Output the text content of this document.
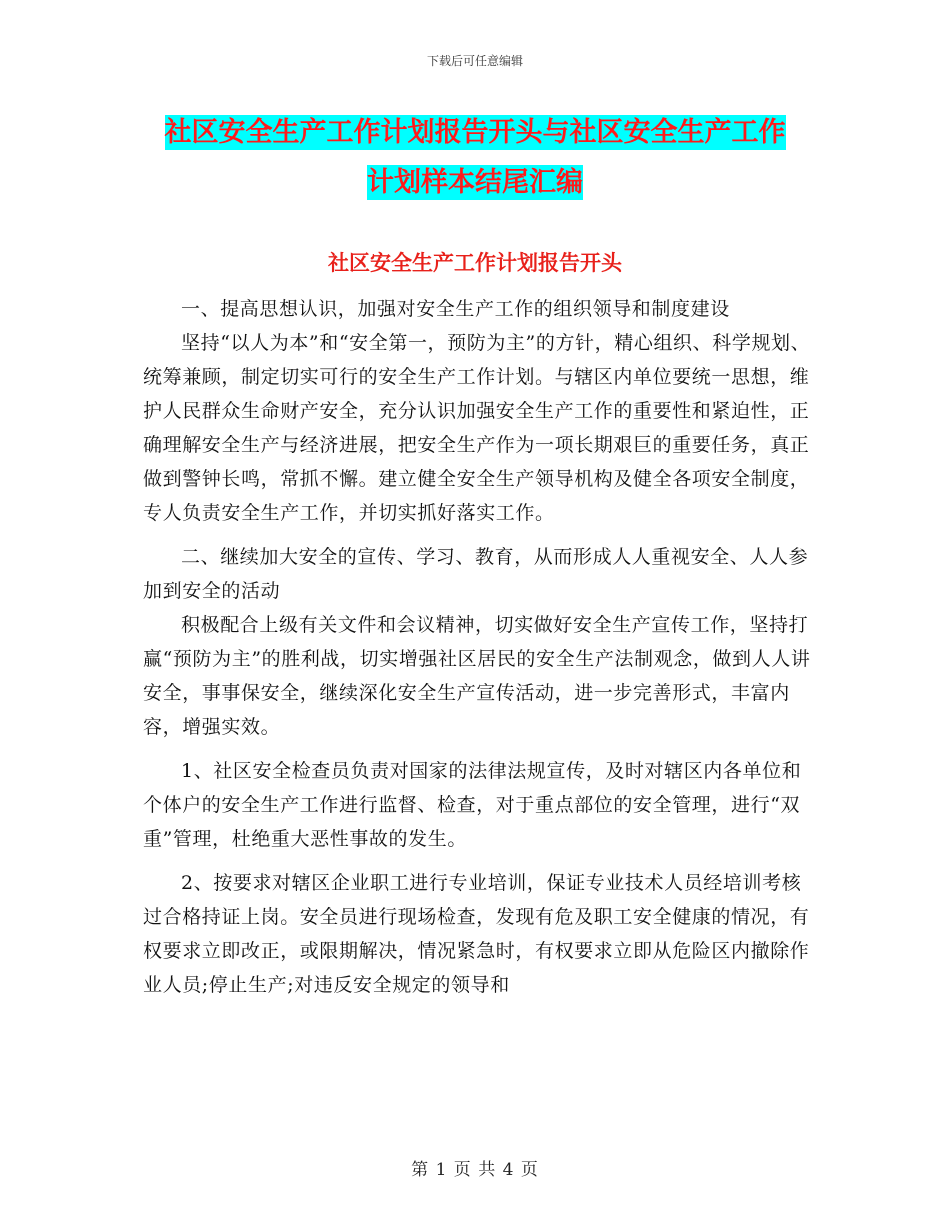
下载后可任意编辑
社区安全生产工作计划报告开头与社区安全生产工作
计划样本结尾汇编
社区安全生产工作计划报告开头

一、提高思想认识，加强对安全生产工作的组织领导和制度建设

坚持“以人为本”和“安全第一，预防为主”的方针，精心组织、科学规划、统筹兼顾，制定切实可行的安全生产工作计划。与辖区内单位要统一思想，维护人民群众生命财产安全，充分认识加强安全生产工作的重要性和紧迫性，正确理解安全生产与经济进展，把安全生产作为一项长期艰巨的重要任务，真正做到警钟长鸣，常抓不懈。建立健全安全生产领导机构及健全各项安全制度，专人负责安全生产工作，并切实抓好落实工作。

二、继续加大安全的宣传、学习、教育，从而形成人人重视安全、人人参加到安全的活动

积极配合上级有关文件和会议精神，切实做好安全生产宣传工作，坚持打赢“预防为主”的胜利战，切实增强社区居民的安全生产法制观念，做到人人讲安全，事事保安全，继续深化安全生产宣传活动，进一步完善形式，丰富内容，增强实效。

1、社区安全检查员负责对国家的法律法规宣传，及时对辖区内各单位和个体户的安全生产工作进行监督、检查，对于重点部位的安全管理，进行“双重”管理，杜绝重大恶性事故的发生。

2、按要求对辖区企业职工进行专业培训，保证专业技术人员经培训考核过合格持证上岗。安全员进行现场检查，发现有危及职工安全健康的情况，有权要求立即改正，或限期解决，情况紧急时，有权要求立即从危险区内撤除作业人员;停止生产;对违反安全规定的领导和

第 1 页 共 4 页
